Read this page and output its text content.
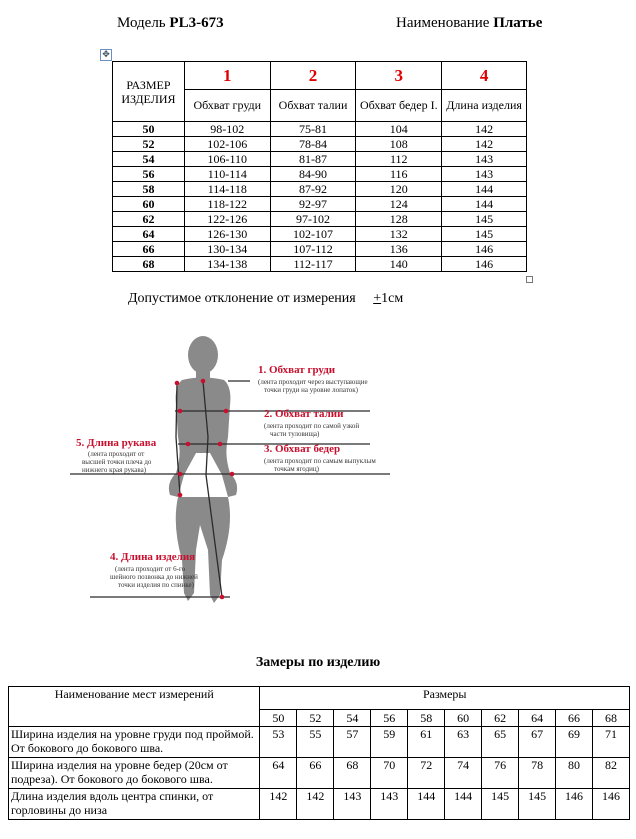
Модель PL3-673	Наименование Платье
✥
РАЗМЕР ИЗДЕЛИЯ	1	2	3	4
	Обхват груди	Обхват талии	Обхват бедер I.	Длина изделия
50	98-102	75-81	104	142
52	102-106	78-84	108	142
54	106-110	81-87	112	143
56	110-114	84-90	116	143
58	114-118	87-92	120	144
60	118-122	92-97	124	144
62	122-126	97-102	128	145
64	126-130	102-107	132	145
66	130-134	107-112	136	146
68	134-138	112-117	140	146
Допустимое отклонение от измерения +1см
1. Обхват груди
(лента проходит через выступающие
точки груди на уровне лопаток)
2. Обхват талии
(лента проходит по самой узкой
части туловища)
3. Обхват бедер
(лента проходит по самым выпуклым
точкам ягодиц)
5. Длина рукава
(лента проходит от
высшей точки плеча до
нижнего края рукава)
4. Длина изделия
(лента проходит от 6-го
шейного позвонка до нижней
точки изделия по спинке)
Замеры по изделию
Наименование мест измерений	Размеры									
	50	52	54	56	58	60	62	64	66	68
Ширина изделия на уровне груди под проймой. От бокового до бокового шва.	53	55	57	59	61	63	65	67	69	71
Ширина изделия на уровне бедер (20см от подреза). От бокового до бокового шва.	64	66	68	70	72	74	76	78	80	82
Длина изделия вдоль центра спинки, от горловины до низа	142	142	143	143	144	144	145	145	146	146
